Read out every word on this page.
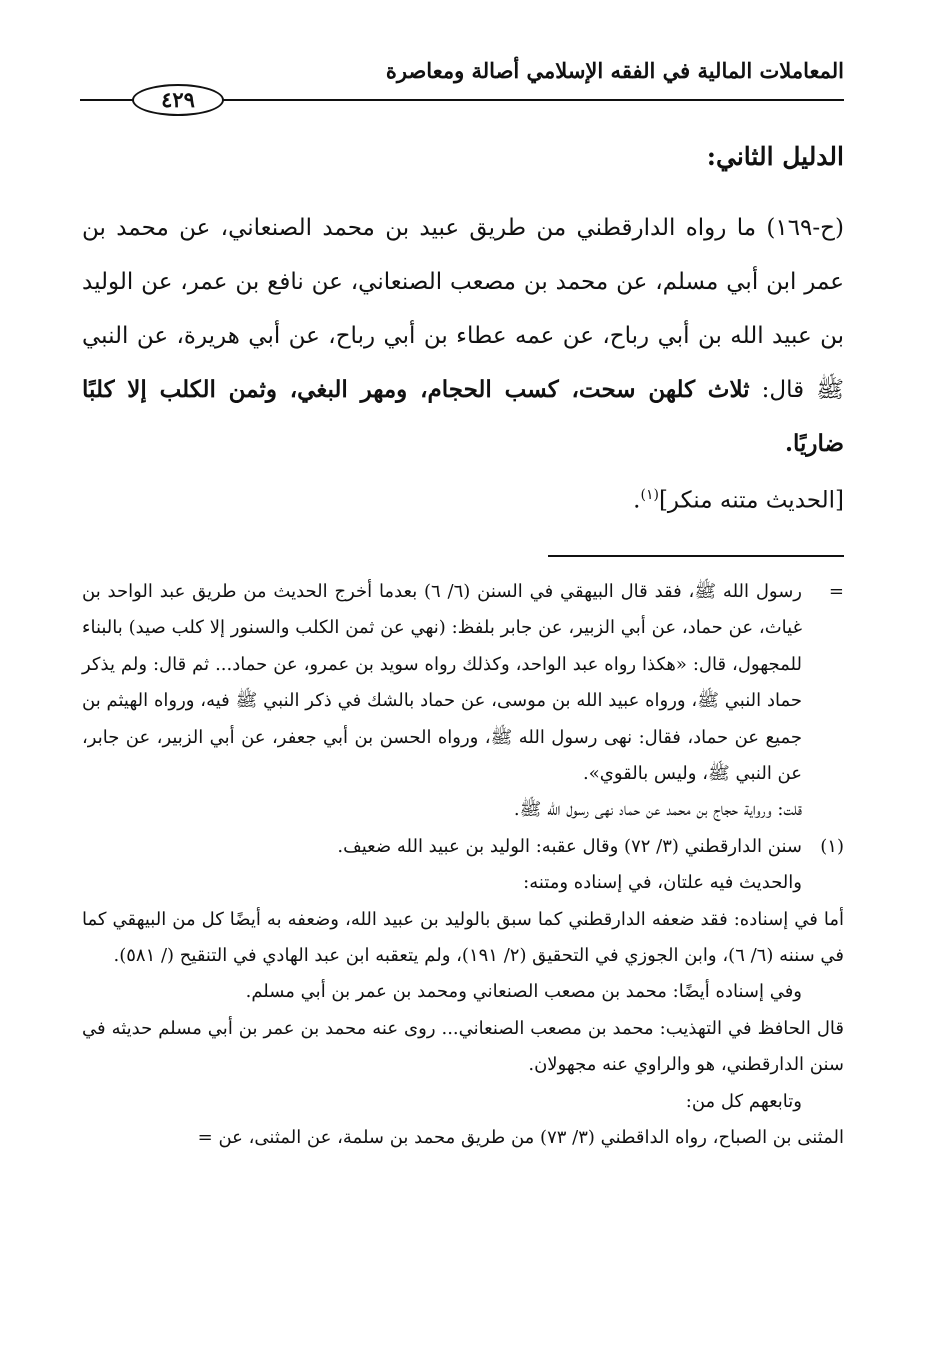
المعاملات المالية في الفقه الإسلامي أصالة ومعاصرة
٤٢٩
الدليل الثاني:
(ح-١٦٩) ما رواه الدارقطني من طريق عبيد بن محمد الصنعاني، عن محمد بن عمر ابن أبي مسلم، عن محمد بن مصعب الصنعاني، عن نافع بن عمر، عن الوليد بن عبيد الله بن أبي رباح، عن عمه عطاء بن أبي رباح، عن أبي هريرة، عن النبي ﷺ قال: ثلاث كلهن سحت، كسب الحجام، ومهر البغي، وثمن الكلب إلا كلبًا ضاريًا.
[الحديث متنه منكر]$^{(١)}$.
=

رسول الله ﷺ، فقد قال البيهقي في السنن (٦/ ٦) بعدما أخرج الحديث من طريق عبد الواحد بن غياث، عن حماد، عن أبي الزبير، عن جابر بلفظ: (نهي عن ثمن الكلب والسنور إلا كلب صيد) بالبناء للمجهول، قال: «هكذا رواه عبد الواحد، وكذلك رواه سويد بن عمرو، عن حماد... ثم قال: ولم يذكر حماد النبي ﷺ، ورواه عبيد الله بن موسى، عن حماد بالشك في ذكر النبي ﷺ فيه، ورواه الهيثم بن جميع عن حماد، فقال: نهى رسول الله ﷺ، ورواه الحسن بن أبي جعفر، عن أبي الزبير، عن جابر، عن النبي ﷺ، وليس بالقوي».

قلت: ورواية حجاج بن محمد عن حماد نهى رسول الله ﷺ.

(١)

سنن الدارقطني (٣/ ٧٢) وقال عقبه: الوليد بن عبيد الله ضعيف.

والحديث فيه علتان، في إسناده ومتنه:

أما في إسناده: فقد ضعفه الدارقطني كما سبق بالوليد بن عبيد الله، وضعفه به أيضًا كل من البيهقي كما في سننه (٦/ ٦)، وابن الجوزي في التحقيق (٢/ ١٩١)، ولم يتعقبه ابن عبد الهادي في التنقيح (/ ٥٨١).

وفي إسناده أيضًا: محمد بن مصعب الصنعاني ومحمد بن عمر بن أبي مسلم.

قال الحافظ في التهذيب: محمد بن مصعب الصنعاني... روى عنه محمد بن عمر بن أبي مسلم حديثه في سنن الدارقطني، هو والراوي عنه مجهولان.

وتابعهم كل من:

المثنى بن الصباح، رواه الداقطني (٣/ ٧٣) من طريق محمد بن سلمة، عن المثنى، عن =
